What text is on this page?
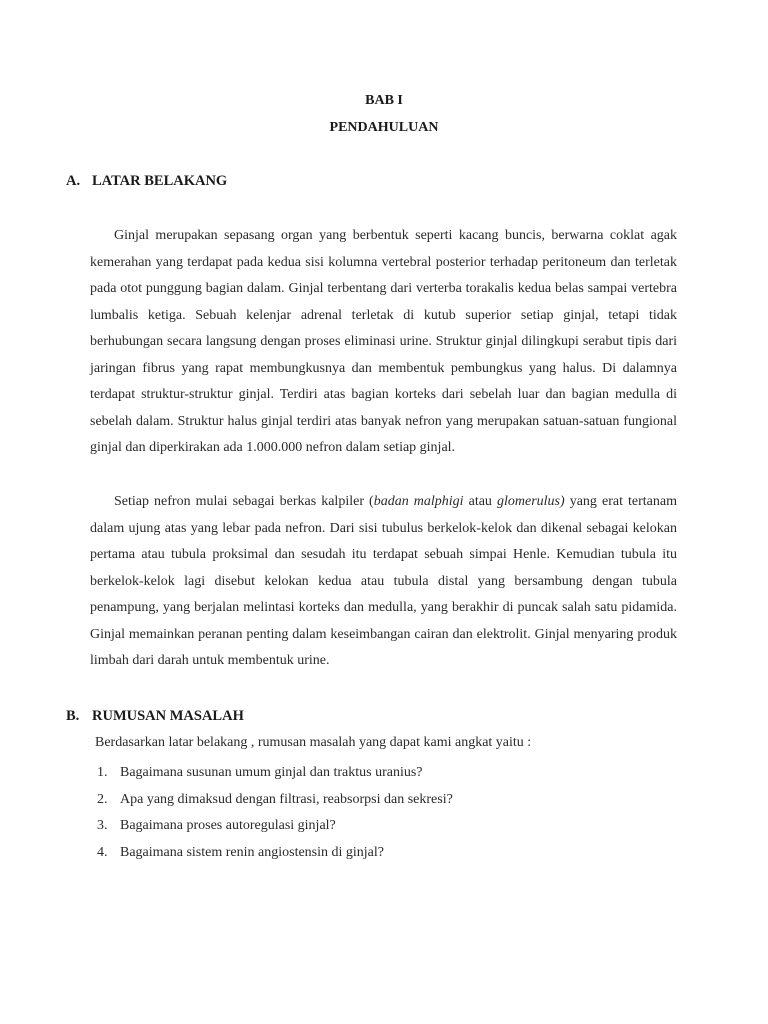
BAB I
PENDAHULUAN
A. LATAR BELAKANG

Ginjal merupakan sepasang organ yang berbentuk seperti kacang buncis, berwarna coklat agak kemerahan yang terdapat pada kedua sisi kolumna vertebral posterior terhadap peritoneum dan terletak pada otot punggung bagian dalam. Ginjal terbentang dari verterba torakalis kedua belas sampai vertebra lumbalis ketiga. Sebuah kelenjar adrenal terletak di kutub superior setiap ginjal, tetapi tidak berhubungan secara langsung dengan proses eliminasi urine. Struktur ginjal dilingkupi serabut tipis dari jaringan fibrus yang rapat membungkusnya dan membentuk pembungkus yang halus. Di dalamnya terdapat struktur-struktur ginjal. Terdiri atas bagian korteks dari sebelah luar dan bagian medulla di sebelah dalam. Struktur halus ginjal terdiri atas banyak nefron yang merupakan satuan-satuan fungional ginjal dan diperkirakan ada 1.000.000 nefron dalam setiap ginjal.

Setiap nefron mulai sebagai berkas kalpiler (badan malphigi atau glomerulus) yang erat tertanam dalam ujung atas yang lebar pada nefron. Dari sisi tubulus berkelok-kelok dan dikenal sebagai kelokan pertama atau tubula proksimal dan sesudah itu terdapat sebuah simpai Henle. Kemudian tubula itu berkelok-kelok lagi disebut kelokan kedua atau tubula distal yang bersambung dengan tubula penampung, yang berjalan melintasi korteks dan medulla, yang berakhir di puncak salah satu pidamida. Ginjal memainkan peranan penting dalam keseimbangan cairan dan elektrolit. Ginjal menyaring produk limbah dari darah untuk membentuk urine.

B. RUMUSAN MASALAH
Berdasarkan latar belakang , rumusan masalah yang dapat kami angkat yaitu :
1. Bagaimana susunan umum ginjal dan traktus uranius?
2. Apa yang dimaksud dengan filtrasi, reabsorpsi dan sekresi?
3. Bagaimana proses autoregulasi ginjal?
4. Bagaimana sistem renin angiostensin di ginjal?
